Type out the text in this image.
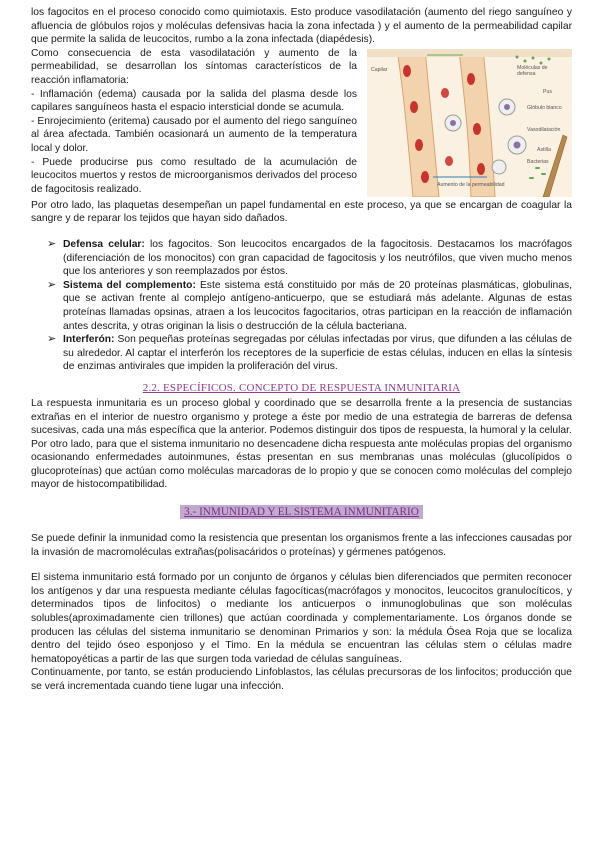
los fagocitos en el proceso conocido como quimiotaxis. Esto produce vasodilatación (aumento del riego sanguíneo y afluencia de glóbulos rojos y moléculas defensivas hacia la zona infectada ) y el aumento de la permeabilidad capilar que permite la salida de leucocitos, rumbo a la zona infectada (diapédesis).

Capilar	Moléculas de defensa
Pus
Glóbulo blanco
Vasodilatación
Astilla
Bacterias
Aumento de la permeabilidad

Como consecuencia de esta vasodilatación y aumento de la permeabilidad, se desarrollan los síntomas característicos de la reacción inflamatoria:

- Inflamación (edema) causada por la salida del plasma desde los capilares sanguíneos hasta el espacio intersticial donde se acumula.

- Enrojecimiento (eritema) causado por el aumento del riego sanguíneo al área afectada. También ocasionará un aumento de la temperatura local y dolor.

- Puede producirse pus como resultado de la acumulación de leucocitos muertos y restos de microorganismos derivados del proceso de fagocitosis realizado.

Por otro lado, las plaquetas desempeñan un papel fundamental en este proceso, ya que se encargan de coagular la sangre y de reparar los tejidos que hayan sido dañados.

➢ Defensa celular: los fagocitos. Son leucocitos encargados de la fagocitosis. Destacamos los macrófagos (diferenciación de los monocitos) con gran capacidad de fagocitosis y los neutrófilos, que viven mucho menos que los anteriores y son reemplazados por éstos.
➢ Sistema del complemento: Este sistema está constituido por más de 20 proteínas plasmáticas, globulinas, que se activan frente al complejo antígeno-anticuerpo, que se estudiará más adelante. Algunas de estas proteínas llamadas opsinas, atraen a los leucocitos fagocitarios, otras participan en la reacción de inflamación antes descrita, y otras originan la lisis o destrucción de la célula bacteriana.
➢ Interferón: Son pequeñas proteínas segregadas por células infectadas por virus, que difunden a las células de su alrededor. Al captar el interferón los receptores de la superficie de estas células, inducen en ellas la síntesis de enzimas antivirales que impiden la proliferación del virus.
2.2. ESPECÍFICOS. CONCEPTO DE RESPUESTA INMUNITARIA

La respuesta inmunitaria es un proceso global y coordinado que se desarrolla frente a la presencia de sustancias extrañas en el interior de nuestro organismo y protege a éste por medio de una estrategia de barreras de defensa sucesivas, cada una más específica que la anterior. Podemos distinguir dos tipos de respuesta, la humoral y la celular.

Por otro lado, para que el sistema inmunitario no desencadene dicha respuesta ante moléculas propias del organismo ocasionando enfermedades autoinmunes, éstas presentan en sus membranas unas moléculas (glucolípidos o glucoproteínas) que actúan como moléculas marcadoras de lo propio y que se conocen como moléculas del complejo mayor de histocompatibilidad.

3.- INMUNIDAD Y EL SISTEMA INMUNITARIO

Se puede definir la inmunidad como la resistencia que presentan los organismos frente a las infecciones causadas por la invasión de macromoléculas extrañas(polisacáridos o proteínas) y gérmenes patógenos.

El sistema inmunitario está formado por un conjunto de órganos y células bien diferenciados que permiten reconocer los antígenos y dar una respuesta mediante células fagocíticas(macrófagos y monocitos, leucocitos granulocíticos, y determinados tipos de linfocitos) o mediante los anticuerpos o inmunoglobulinas que son moléculas solubles(aproximadamente cien trillones) que actúan coordinada y complementariamente. Los órganos donde se producen las células del sistema inmunitario se denominan Primarios y son: la médula Ósea Roja que se localiza dentro del tejido óseo esponjoso y el Timo. En la médula se encuentran las células stem o células madre hematopoyéticas a partir de las que surgen toda variedad de células sanguíneas.

Continuamente, por tanto, se están produciendo Linfoblastos, las células precursoras de los linfocitos; producción que se verá incrementada cuando tiene lugar una infección.
